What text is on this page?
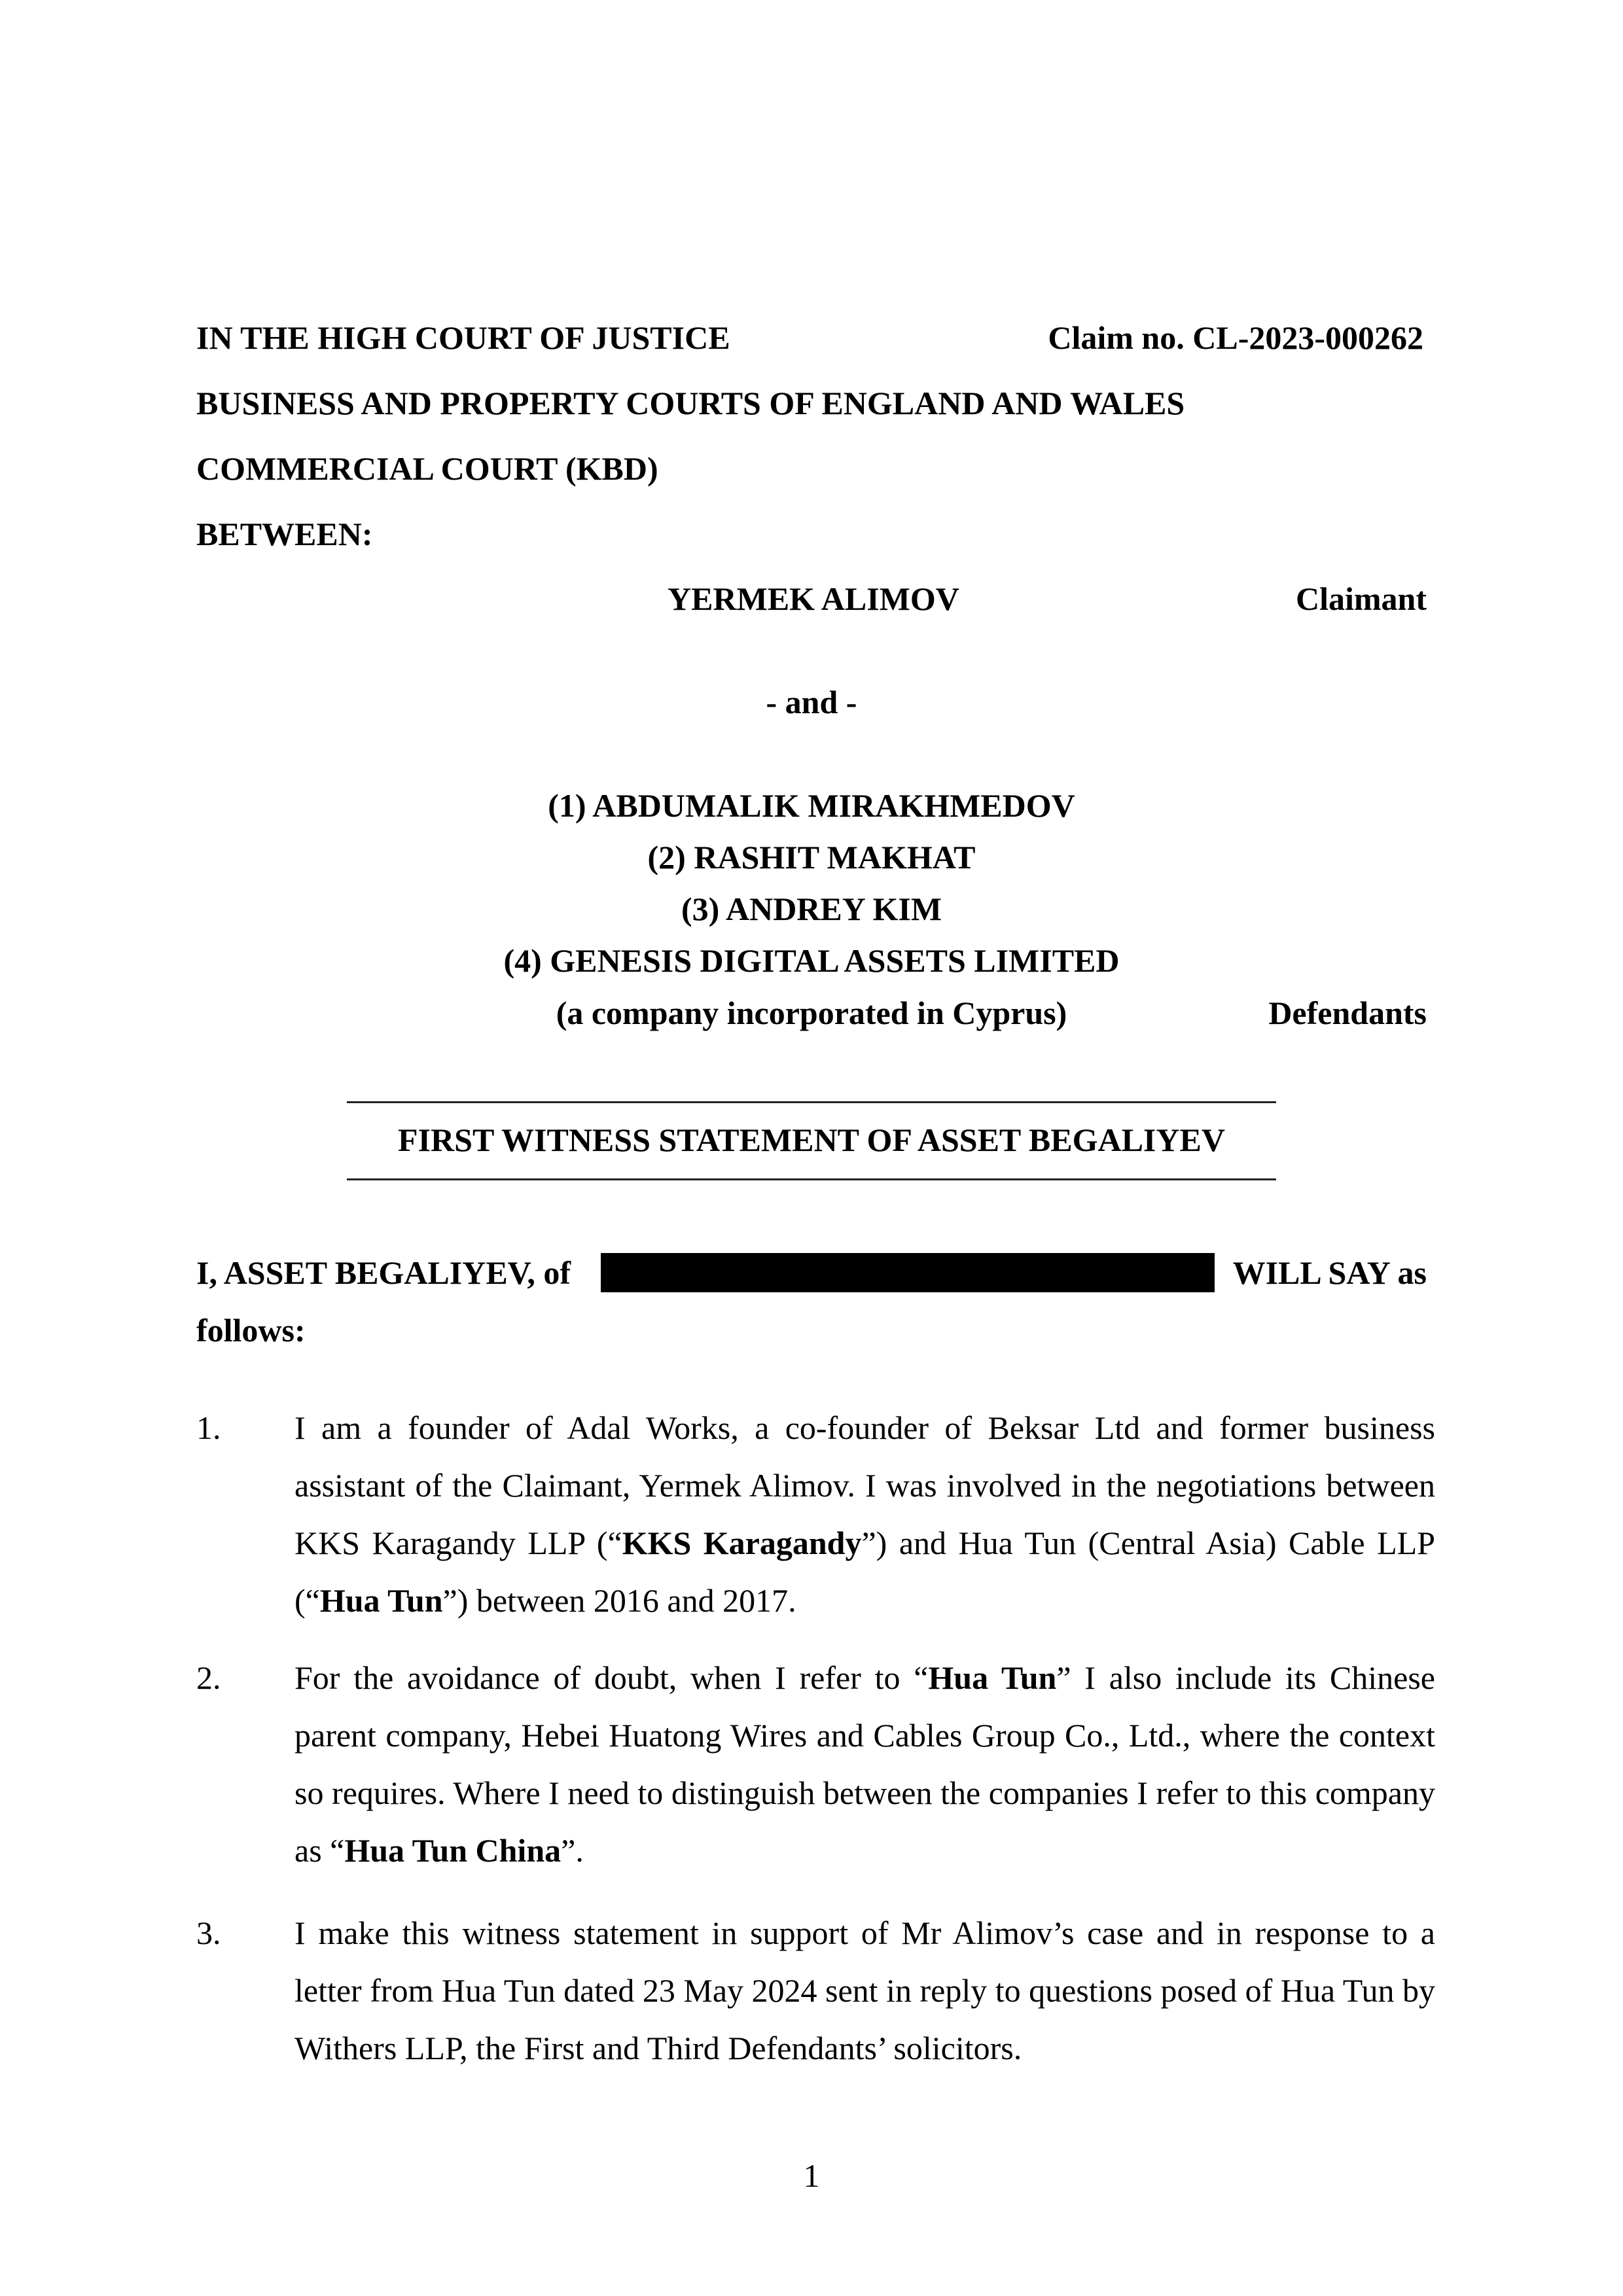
IN THE HIGH COURT OF JUSTICE	Claim no. CL-2023-000262
BUSINESS AND PROPERTY COURTS OF ENGLAND AND WALES
COMMERCIAL COURT (KBD)
BETWEEN:
YERMEK ALIMOV	Claimant
- and -
(1) ABDUMALIK MIRAKHMEDOV
(2) RASHIT MAKHAT
(3) ANDREY KIM
(4) GENESIS DIGITAL ASSETS LIMITED
(a company incorporated in Cyprus)	Defendants
FIRST WITNESS STATEMENT OF ASSET BEGALIYEV
I, ASSET BEGALIYEV, of	WILL SAY as
follows:
1. I am a founder of Adal Works, a co-founder of Beksar Ltd and former business assistant of the Claimant, Yermek Alimov. I was involved in the negotiations between KKS Karagandy LLP (“KKS Karagandy”) and Hua Tun (Central Asia) Cable LLP (“Hua Tun”) between 2016 and 2017.
2. For the avoidance of doubt, when I refer to “Hua Tun” I also include its Chinese parent company, Hebei Huatong Wires and Cables Group Co., Ltd., where the context so requires. Where I need to distinguish between the companies I refer to this company as “Hua Tun China”.
3. I make this witness statement in support of Mr Alimov’s case and in response to a letter from Hua Tun dated 23 May 2024 sent in reply to questions posed of Hua Tun by Withers LLP, the First and Third Defendants’ solicitors.
1
